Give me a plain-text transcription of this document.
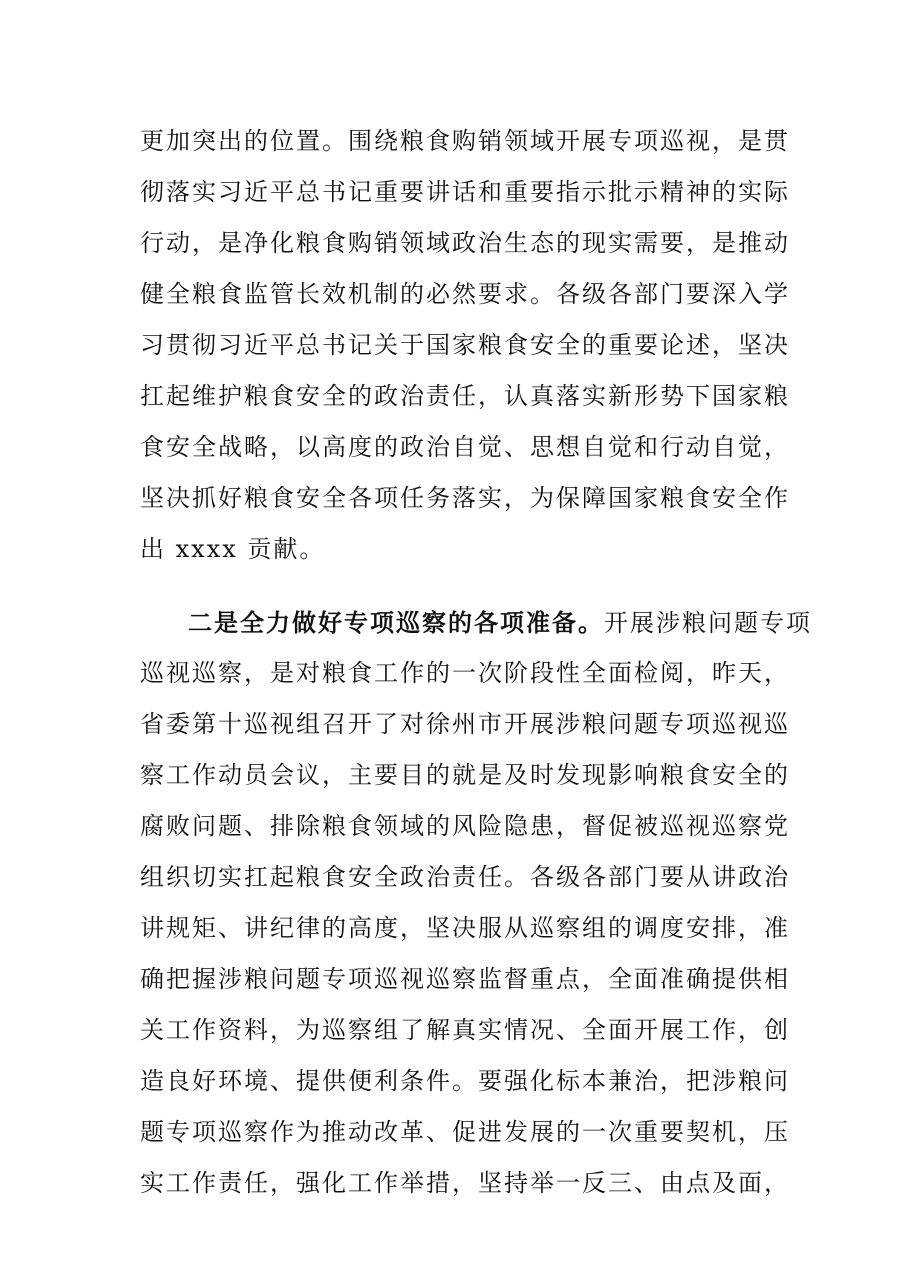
更加突出的位置。围绕粮食购销领域开展专项巡视，是贯
彻落实习近平总书记重要讲话和重要指示批示精神的实际
行动，是净化粮食购销领域政治生态的现实需要，是推动
健全粮食监管长效机制的必然要求。各级各部门要深入学
习贯彻习近平总书记关于国家粮食安全的重要论述，坚决
扛起维护粮食安全的政治责任，认真落实新形势下国家粮
食安全战略，以高度的政治自觉、思想自觉和行动自觉，
坚决抓好粮食安全各项任务落实，为保障国家粮食安全作
出 xxxx 贡献。
二是全力做好专项巡察的各项准备。开展涉粮问题专项
巡视巡察，是对粮食工作的一次阶段性全面检阅，昨天，
省委第十巡视组召开了对徐州市开展涉粮问题专项巡视巡
察工作动员会议，主要目的就是及时发现影响粮食安全的
腐败问题、排除粮食领域的风险隐患，督促被巡视巡察党
组织切实扛起粮食安全政治责任。各级各部门要从讲政治
讲规矩、讲纪律的高度，坚决服从巡察组的调度安排，准
确把握涉粮问题专项巡视巡察监督重点，全面准确提供相
关工作资料，为巡察组了解真实情况、全面开展工作，创
造良好环境、提供便利条件。要强化标本兼治，把涉粮问
题专项巡察作为推动改革、促进发展的一次重要契机，压
实工作责任，强化工作举措，坚持举一反三、由点及面，
